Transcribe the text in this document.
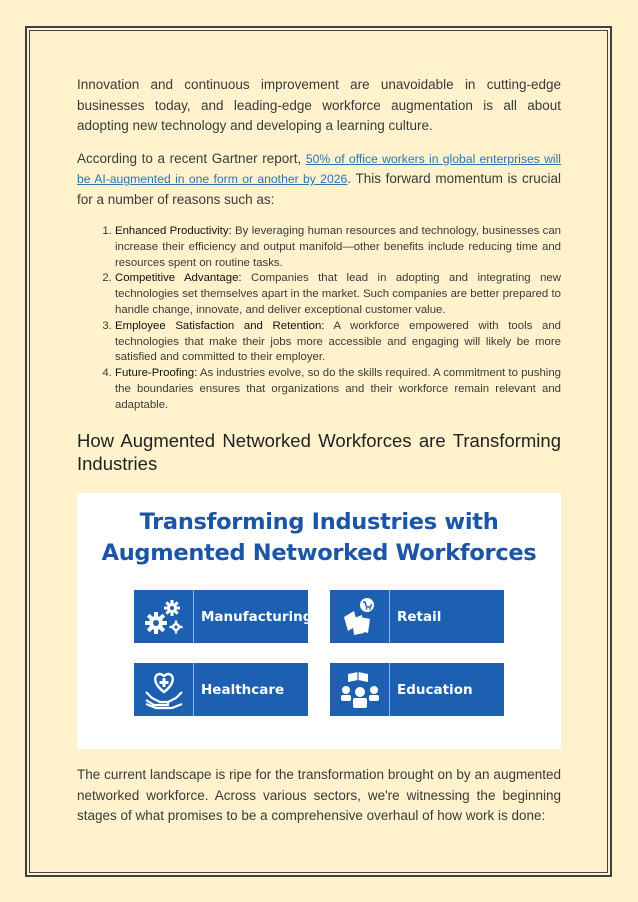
Innovation and continuous improvement are unavoidable in cutting-edge businesses today, and leading-edge workforce augmentation is all about adopting new technology and developing a learning culture.

According to a recent Gartner report, 50% of office workers in global enterprises will be AI-augmented in one form or another by 2026. This forward momentum is crucial for a number of reasons such as:

1. Enhanced Productivity: By leveraging human resources and technology, businesses can increase their efficiency and output manifold—other benefits include reducing time and resources spent on routine tasks.
2. Competitive Advantage: Companies that lead in adopting and integrating new technologies set themselves apart in the market. Such companies are better prepared to handle change, innovate, and deliver exceptional customer value.
3. Employee Satisfaction and Retention: A workforce empowered with tools and technologies that make their jobs more accessible and engaging will likely be more satisfied and committed to their employer.
4. Future-Proofing: As industries evolve, so do the skills required. A commitment to pushing the boundaries ensures that organizations and their workforce remain relevant and adaptable.
How Augmented Networked Workforces are Transforming Industries
Transforming Industries with
Augmented Networked Workforces
Manufacturing	Retail
Healthcare	Education

The current landscape is ripe for the transformation brought on by an augmented networked workforce. Across various sectors, we're witnessing the beginning stages of what promises to be a comprehensive overhaul of how work is done:
